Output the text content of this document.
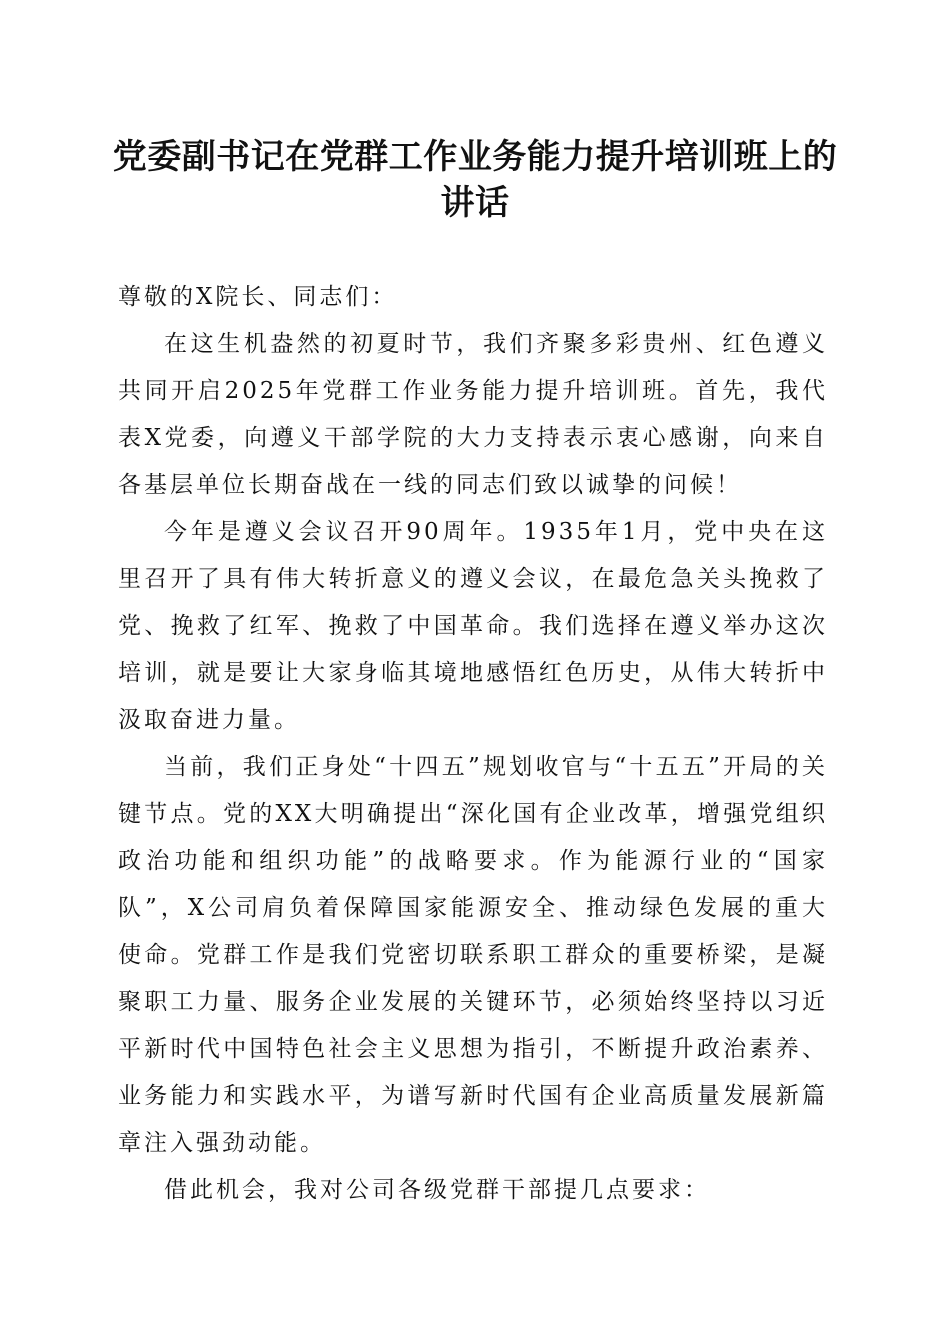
党委副书记在党群工作业务能力提升培训班上的讲话

尊敬的X院长、同志们：

在这生机盎然的初夏时节，我们齐聚多彩贵州、红色遵义共同开启2025年党群工作业务能力提升培训班。首先，我代表X党委，向遵义干部学院的大力支持表示衷心感谢，向来自各基层单位长期奋战在一线的同志们致以诚挚的问候！

今年是遵义会议召开90周年。1935年1月，党中央在这里召开了具有伟大转折意义的遵义会议，在最危急关头挽救了党、挽救了红军、挽救了中国革命。我们选择在遵义举办这次培训，就是要让大家身临其境地感悟红色历史，从伟大转折中汲取奋进力量。

当前，我们正身处“十四五”规划收官与“十五五”开局的关键节点。党的XX大明确提出“深化国有企业改革，增强党组织政治功能和组织功能”的战略要求。作为能源行业的“国家队”，X公司肩负着保障国家能源安全、推动绿色发展的重大使命。党群工作是我们党密切联系职工群众的重要桥梁，是凝聚职工力量、服务企业发展的关键环节，必须始终坚持以习近平新时代中国特色社会主义思想为指引，不断提升政治素养、业务能力和实践水平，为谱写新时代国有企业高质量发展新篇章注入强劲动能。

借此机会，我对公司各级党群干部提几点要求：
